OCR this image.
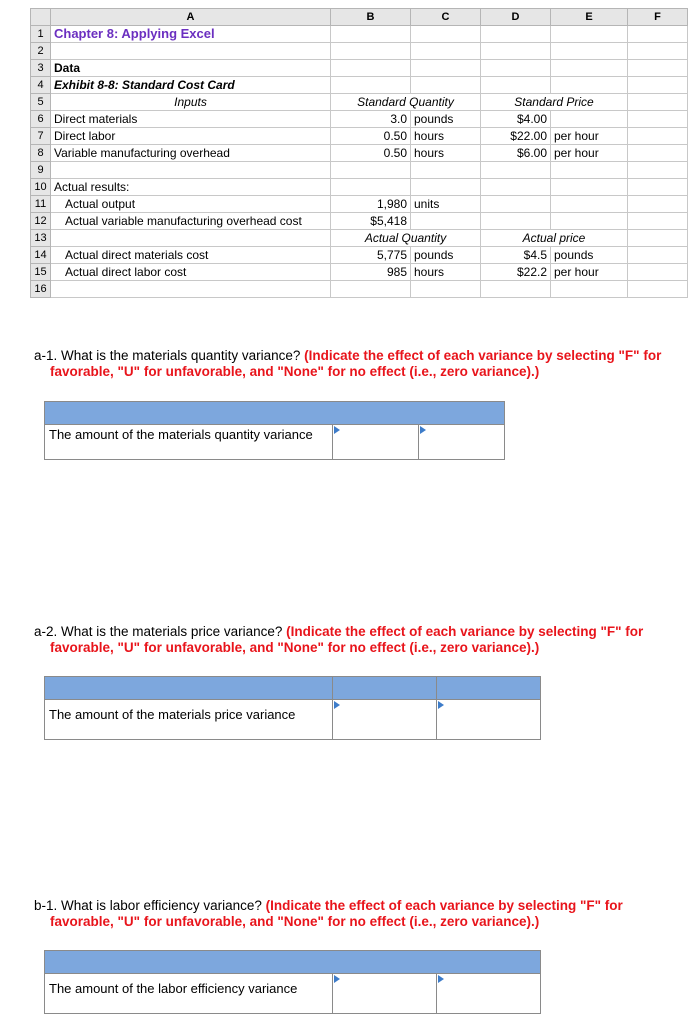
	A	B	C	D	E	F
1	Chapter 8: Applying Excel					
2						
3	Data					
4	Exhibit 8-8: Standard Cost Card					
5	Inputs	Standard Quantity		Standard Price		
6	Direct materials	3.0	pounds	$4.00		
7	Direct labor	0.50	hours	$22.00	per hour	
8	Variable manufacturing overhead	0.50	hours	$6.00	per hour	
9						
10	Actual results:					
11	Actual output	1,980	units			
12	Actual variable manufacturing overhead cost	$5,418				
13		Actual Quantity		Actual price		
14	Actual direct materials cost	5,775	pounds	$4.5	pounds	
15	Actual direct labor cost	985	hours	$22.2	per hour	
16						
a-1. What is the materials quantity variance? (Indicate the effect of each variance by selecting "F" for
favorable, "U" for unfavorable, and "None" for no effect (i.e., zero variance).)

The amount of the materials quantity variance	

a-2. What is the materials price variance? (Indicate the effect of each variance by selecting "F" for
favorable, "U" for unfavorable, and "None" for no effect (i.e., zero variance).)

The amount of the materials price variance	

b-1. What is labor efficiency variance? (Indicate the effect of each variance by selecting "F" for
favorable, "U" for unfavorable, and "None" for no effect (i.e., zero variance).)

The amount of the labor efficiency variance	
